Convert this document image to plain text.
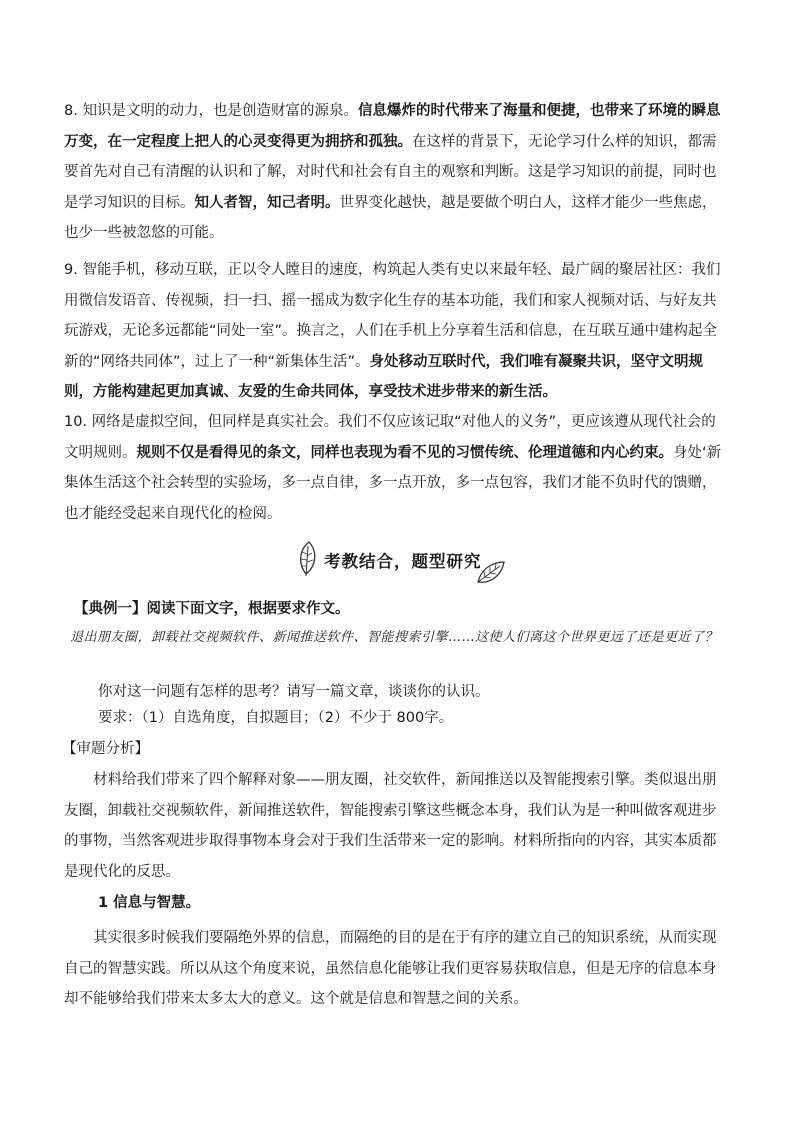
8. 知识是文明的动力，也是创造财富的源泉。信息爆炸的时代带来了海量和便捷，也带来了环境的瞬息万变，在一定程度上把人的心灵变得更为拥挤和孤独。在这样的背景下，无论学习什么样的知识，都需要首先对自己有清醒的认识和了解，对时代和社会有自主的观察和判断。这是学习知识的前提，同时也是学习知识的目标。知人者智，知己者明。世界变化越快，越是要做个明白人，这样才能少一些焦虑，也少一些被忽悠的可能。

9. 智能手机，移动互联，正以令人瞠目的速度，构筑起人类有史以来最年轻、最广阔的聚居社区：我们用微信发语音、传视频，扫一扫、摇一摇成为数字化生存的基本功能，我们和家人视频对话、与好友共玩游戏，无论多远都能“同处一室”。换言之，人们在手机上分享着生活和信息，在互联互通中建构起全新的“网络共同体”，过上了一种“新集体生活”。身处移动互联时代，我们唯有凝聚共识，坚守文明规则，方能构建起更加真诚、友爱的生命共同体，享受技术进步带来的新生活。

10. 网络是虚拟空间，但同样是真实社会。我们不仅应该记取“对他人的义务”，更应该遵从现代社会的文明规则。规则不仅是看得见的条文，同样也表现为看不见的习惯传统、伦理道德和内心约束。身处‘新集体生活这个社会转型的实验场，多一点自律，多一点开放，多一点包容，我们才能不负时代的馈赠，也才能经受起来自现代化的检阅。

考教结合，题型研究
【典例一】阅读下面文字，根据要求作文。
退出朋友圈，卸载社交视频软件、新闻推送软件、智能搜索引擎……这使人们离这个世界更远了还是更近了？
你对这一问题有怎样的思考？请写一篇文章，谈谈你的认识。
要求：（1）自选角度，自拟题目；（2）不少于 800字。
【审题分析】

材料给我们带来了四个解释对象——朋友圈，社交软件，新闻推送以及智能搜索引擎。类似退出朋友圈，卸载社交视频软件，新闻推送软件，智能搜索引擎这些概念本身，我们认为是一种叫做客观进步的事物，当然客观进步取得事物本身会对于我们生活带来一定的影响。材料所指向的内容，其实本质都是现代化的反思。

1 信息与智慧。

其实很多时候我们要隔绝外界的信息，而隔绝的目的是在于有序的建立自己的知识系统，从而实现自己的智慧实践。所以从这个角度来说，虽然信息化能够让我们更容易获取信息，但是无序的信息本身却不能够给我们带来太多太大的意义。这个就是信息和智慧之间的关系。
